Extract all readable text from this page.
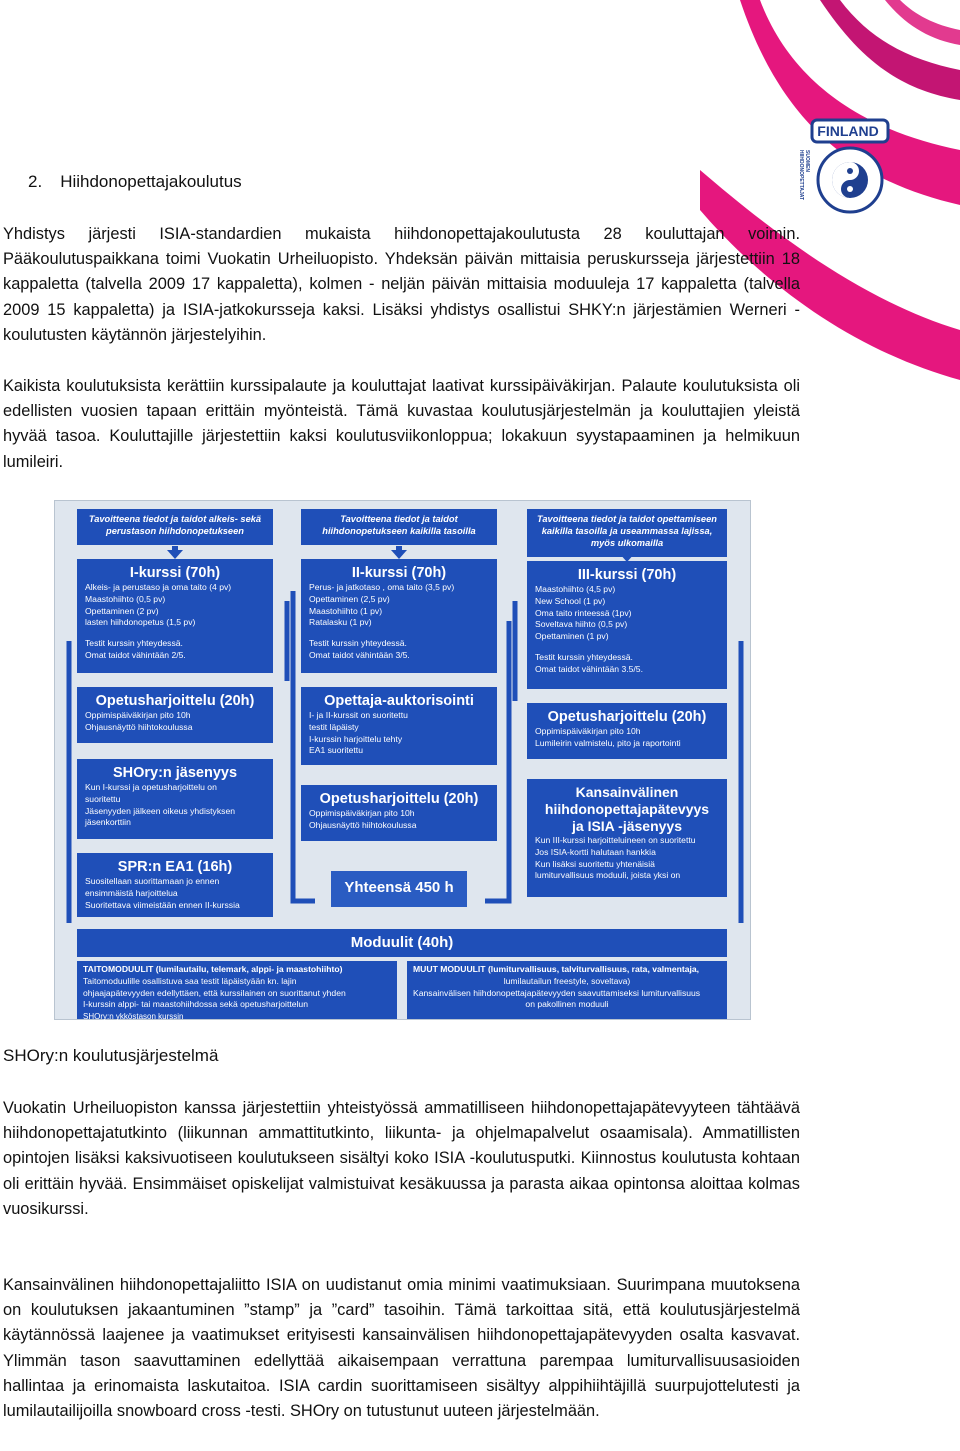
FINLAND
SUOMEN HIIHDONOPETTAJAT
2. Hiihdonopettajakoulutus

Yhdistys järjesti ISIA-standardien mukaista hiihdonopettajakoulutusta 28 kouluttajan voimin. Pääkoulutuspaikkana toimi Vuokatin Urheiluopisto. Yhdeksän päivän mittaisia peruskursseja järjestettiin 18 kappaletta (talvella 2009 17 kappaletta), kolmen - neljän päivän mittaisia moduuleja 17 kappaletta (talvella 2009 15 kappaletta) ja ISIA-jatkokursseja kaksi. Lisäksi yhdistys osallistui SHKY:n järjestämien Werneri -koulutusten käytännön järjestelyihin.

Kaikista koulutuksista kerättiin kurssipalaute ja kouluttajat laativat kurssipäiväkirjan. Palaute koulutuksista oli edellisten vuosien tapaan erittäin myönteistä. Tämä kuvastaa koulutusjärjestelmän ja kouluttajien yleistä hyvää tasoa. Kouluttajille järjestettiin kaksi koulutusviikonloppua; lokakuun syystapaaminen ja helmikuun lumileiri.

Tavoitteena tiedot ja taidot alkeis- sekä
perustason hiihdonopetukseen
I-kurssi (70h)
Alkeis- ja perustaso ja oma taito (4 pv)
Maastohiihto (0,5 pv)
Opettaminen (2 pv)
lasten hiihdonopetus (1,5 pv)
Testit kurssin yhteydessä.
Omat taidot vähintään 2/5.
Opetusharjoittelu (20h)
Oppimispäiväkirjan pito 10h
Ohjausnäyttö hiihtokoulussa
SHOry:n jäsenyys
Kun I-kurssi ja opetusharjoittelu on
suoritettu
Jäsenyyden jälkeen oikeus yhdistyksen
jäsenkorttiin
SPR:n EA1 (16h)
Suositellaan suorittamaan jo ennen
ensimmäistä harjoittelua
Suoritettava viimeistään ennen II-kurssia
Tavoitteena tiedot ja taidot
hiihdonopetukseen kaikilla tasoilla
II-kurssi (70h)
Perus- ja jatkotaso , oma taito (3,5 pv)
Opettaminen (2,5 pv)
Maastohiihto (1 pv)
Ratalasku (1 pv)
Testit kurssin yhteydessä.
Omat taidot vähintään 3/5.
Opettaja-auktorisointi
I- ja II-kurssit on suoritettu
testit läpäisty
I-kurssin harjoittelu tehty
EA1 suoritettu
Opetusharjoittelu (20h)
Oppimispäiväkirjan pito 10h
Ohjausnäyttö hiihtokoulussa
Yhteensä 450 h
Tavoitteena tiedot ja taidot opettamiseen
kaikilla tasoilla ja useammassa lajissa,
myös ulkomailla
III-kurssi (70h)
Maastohiihto (4,5 pv)
New School (1 pv)
Oma taito rinteessä (1pv)
Soveltava hiihto (0,5 pv)
Opettaminen (1 pv)
Testit kurssin yhteydessä.
Omat taidot vähintään 3.5/5.
Opetusharjoittelu (20h)
Oppimispäiväkirjan pito 10h
Lumileirin valmistelu, pito ja raportointi
Kansainvälinen
hiihdonopettajapätevyys
ja ISIA -jäsenyys
Kun III-kurssi harjoitteluineen on suoritettu
Jos ISIA-kortti halutaan hankkia
Kun lisäksi suoritettu yhtenäisiä
lumiturvallisuus moduuli, joista yksi on
Moduulit (40h)
TAITOMODUULIT (lumilautailu, telemark, alppi- ja maastohiihto)
Taitomoduulille osallistuva saa testit läpäistyään kn. lajin
ohjaajapätevyyden edellyttäen, että kurssilainen on suorittanut yhden
I-kurssin alppi- tai maastohiihdossa sekä opetusharjoittelun
SHOry:n ykköstason kurssin
MUUT MODUULIT (lumiturvallisuus, talviturvallisuus, rata, valmentaja,
lumilautailun freestyle, soveltava)
Kansainvälisen hiihdonopettajapätevyyden saavuttamiseksi lumiturvallisuus
on pakollinen moduuli
SHOry:n koulutusjärjestelmä

Vuokatin Urheiluopiston kanssa järjestettiin yhteistyössä ammatilliseen hiihdonopettajapätevyyteen tähtäävä hiihdonopettajatutkinto (liikunnan ammattitutkinto, liikunta- ja ohjelmapalvelut osaamisala). Ammatillisten opintojen lisäksi kaksivuotiseen koulutukseen sisältyi koko ISIA -koulutusputki. Kiinnostus koulutusta kohtaan oli erittäin hyvää. Ensimmäiset opiskelijat valmistuivat kesäkuussa ja parasta aikaa opintonsa aloittaa kolmas vuosikurssi.

Kansainvälinen hiihdonopettajaliitto ISIA on uudistanut omia minimi vaatimuksiaan. Suurimpana muutoksena on koulutuksen jakaantuminen ”stamp” ja ”card” tasoihin. Tämä tarkoittaa sitä, että koulutusjärjestelmä käytännössä laajenee ja vaatimukset erityisesti kansainvälisen hiihdonopettajapätevyyden osalta kasvavat. Ylimmän tason saavuttaminen edellyttää aikaisempaan verrattuna parempaa lumiturvallisuusasioiden hallintaa ja erinomaista laskutaitoa. ISIA cardin suorittamiseen sisältyy alppihiihtäjillä suurpujottelutesti ja lumilautailijoilla snowboard cross -testi. SHOry on tutustunut uuteen järjestelmään.
